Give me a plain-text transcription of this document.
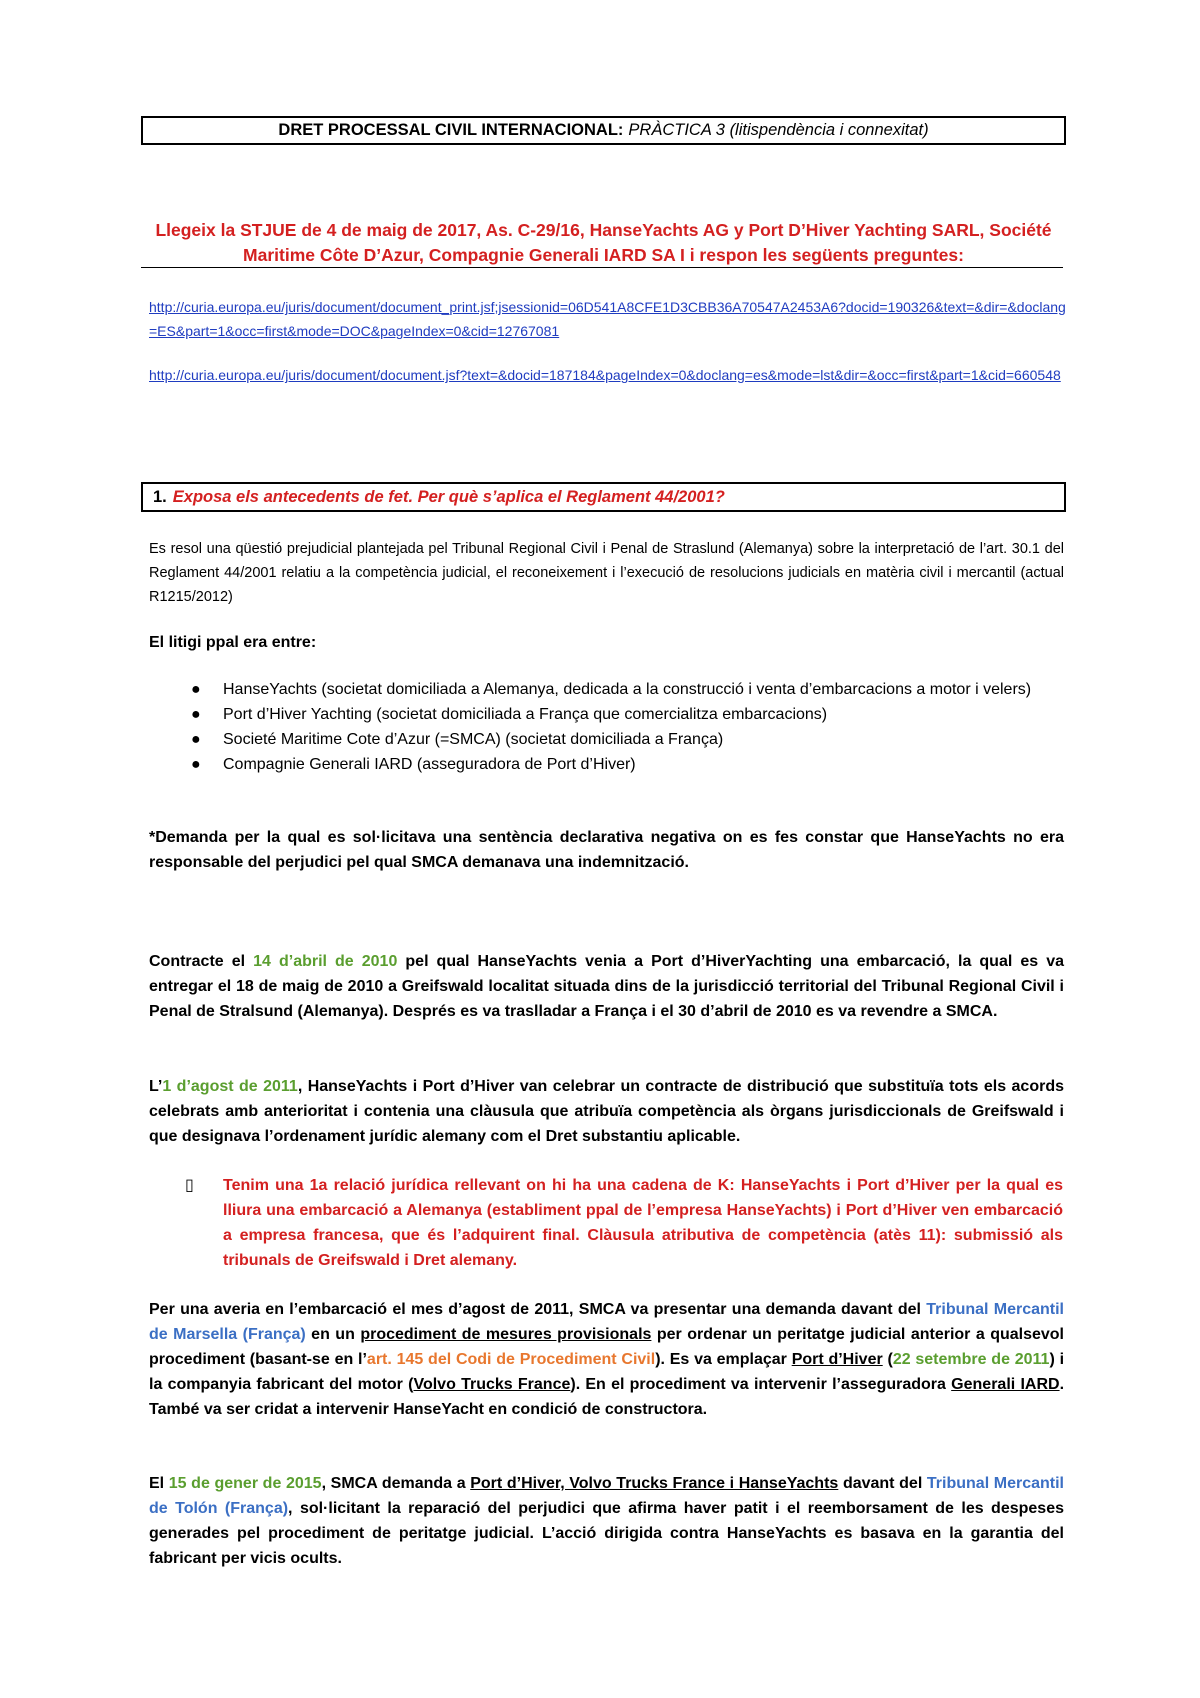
DRET PROCESSAL CIVIL INTERNACIONAL: PRÀCTICA 3 (litispendència i connexitat)
Llegeix la STJUE de 4 de maig de 2017, As. C-29/16, HanseYachts AG y Port D’Hiver Yachting SARL, Société
Maritime Côte D’Azur, Compagnie Generali IARD SA I i respon les següents preguntes:
http://curia.europa.eu/juris/document/document_print.jsf;jsessionid=06D541A8CFE1D3CBB36A70547A2453A6?docid=190326&text=&dir=&doclang=ES&part=1&occ=first&mode=DOC&pageIndex=0&cid=12767081
http://curia.europa.eu/juris/document/document.jsf?text=&docid=187184&pageIndex=0&doclang=es&mode=lst&dir=&occ=first&part=1&cid=660548
1. Exposa els antecedents de fet. Per què s’aplica el Reglament 44/2001?
Es resol una qüestió prejudicial plantejada pel Tribunal Regional Civil i Penal de Straslund (Alemanya) sobre la interpretació de l’art. 30.1 del Reglament 44/2001 relatiu a la competència judicial, el reconeixement i l’execució de resolucions judicials en matèria civil i mercantil (actual R1215/2012)
El litigi ppal era entre:
● HanseYachts (societat domiciliada a Alemanya, dedicada a la construcció i venta d’embarcacions a motor i velers)
● Port d’Hiver Yachting (societat domiciliada a França que comercialitza embarcacions)
● Societé Maritime Cote d’Azur (=SMCA) (societat domiciliada a França)
● Compagnie Generali IARD (asseguradora de Port d’Hiver)
*Demanda per la qual es sol·licitava una sentència declarativa negativa on es fes constar que HanseYachts no era responsable del perjudici pel qual SMCA demanava una indemnització.
Contracte el 14 d’abril de 2010 pel qual HanseYachts venia a Port d’HiverYachting una embarcació, la qual es va entregar el 18 de maig de 2010 a Greifswald localitat situada dins de la jurisdicció territorial del Tribunal Regional Civil i Penal de Stralsund (Alemanya). Després es va traslladar a França i el 30 d’abril de 2010 es va revendre a SMCA.
L’1 d’agost de 2011, HanseYachts i Port d’Hiver van celebrar un contracte de distribució que substituïa tots els acords celebrats amb anterioritat i contenia una clàusula que atribuïa competència als òrgans jurisdiccionals de Greifswald i que designava l’ordenament jurídic alemany com el Dret substantiu aplicable.
▯ Tenim una 1a relació jurídica rellevant on hi ha una cadena de K: HanseYachts i Port d’Hiver per la qual es lliura una embarcació a Alemanya (establiment ppal de l’empresa HanseYachts) i Port d’Hiver ven embarcació a empresa francesa, que és l’adquirent final. Clàusula atributiva de competència (atès 11): submissió als tribunals de Greifswald i Dret alemany.
Per una averia en l’embarcació el mes d’agost de 2011, SMCA va presentar una demanda davant del Tribunal Mercantil de Marsella (França) en un procediment de mesures provisionals per ordenar un peritatge judicial anterior a qualsevol procediment (basant-se en l’art. 145 del Codi de Procediment Civil). Es va emplaçar Port d’Hiver (22 setembre de 2011) i la companyia fabricant del motor (Volvo Trucks France). En el procediment va intervenir l’asseguradora Generali IARD. També va ser cridat a intervenir HanseYacht en condició de constructora.
El 15 de gener de 2015, SMCA demanda a Port d’Hiver, Volvo Trucks France i HanseYachts davant del Tribunal Mercantil de Tolón (França), sol·licitant la reparació del perjudici que afirma haver patit i el reemborsament de les despeses generades pel procediment de peritatge judicial. L’acció dirigida contra HanseYachts es basava en la garantia del fabricant per vicis ocults.
